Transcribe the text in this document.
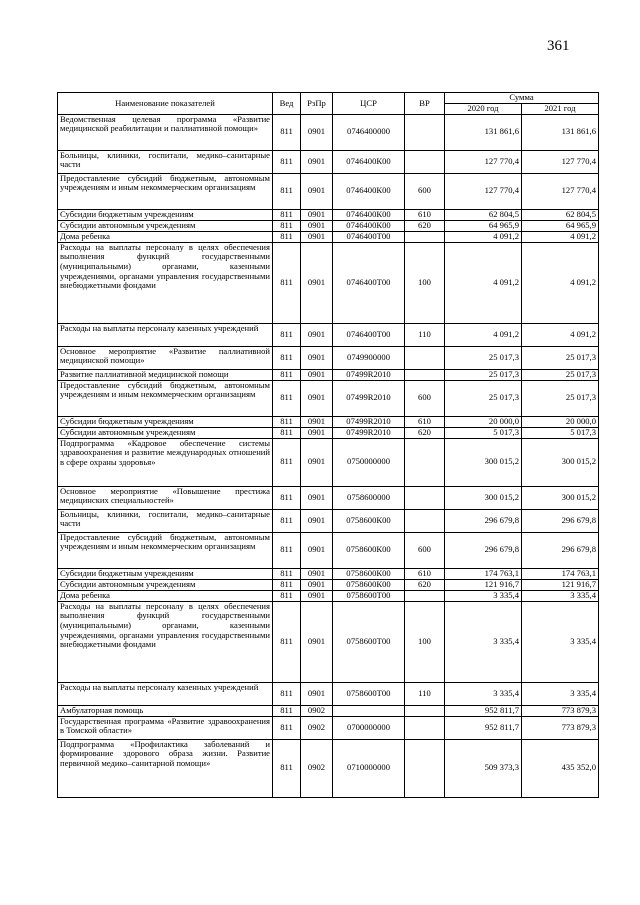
361
Наименование показателей	Вед	РзПр	ЦСР	ВР	Сумма	
					2020 год	2021 год
Ведомственная целевая программа «Развитие медицинской реабилитации и паллиативной помощи»	811	0901	0746400000		131 861,6	131 861,6
Больницы, клиники, госпитали, медико–санитарные части	811	0901	0746400К00		127 770,4	127 770,4
Предоставление субсидий бюджетным, автономным учреждениям и иным некоммерческим организациям	811	0901	0746400К00	600	127 770,4	127 770,4
Субсидии бюджетным учреждениям	811	0901	0746400К00	610	62 804,5	62 804,5
Субсидии автономным учреждениям	811	0901	0746400К00	620	64 965,9	64 965,9
Дома ребенка	811	0901	0746400Т00		4 091,2	4 091,2
Расходы на выплаты персоналу в целях обеспечения выполнения функций государственными (муниципальными) органами, казенными учреждениями, органами управления государственными внебюджетными фондами	811	0901	0746400Т00	100	4 091,2	4 091,2
Расходы на выплаты персоналу казенных учреждений	811	0901	0746400Т00	110	4 091,2	4 091,2
Основное мероприятие «Развитие паллиативной медицинской помощи»	811	0901	0749900000		25 017,3	25 017,3
Развитие паллиативной медицинской помощи	811	0901	07499R2010		25 017,3	25 017,3
Предоставление субсидий бюджетным, автономным учреждениям и иным некоммерческим организациям	811	0901	07499R2010	600	25 017,3	25 017,3
Субсидии бюджетным учреждениям	811	0901	07499R2010	610	20 000,0	20 000,0
Субсидии автономным учреждениям	811	0901	07499R2010	620	5 017,3	5 017,3
Подпрограмма «Кадровое обеспечение системы здравоохранения и развитие международных отношений в сфере охраны здоровья»	811	0901	0750000000		300 015,2	300 015,2
Основное мероприятие «Повышение престижа медицинских специальностей»	811	0901	0758600000		300 015,2	300 015,2
Больницы, клиники, госпитали, медико–санитарные части	811	0901	0758600К00		296 679,8	296 679,8
Предоставление субсидий бюджетным, автономным учреждениям и иным некоммерческим организациям	811	0901	0758600К00	600	296 679,8	296 679,8
Субсидии бюджетным учреждениям	811	0901	0758600К00	610	174 763,1	174 763,1
Субсидии автономным учреждениям	811	0901	0758600К00	620	121 916,7	121 916,7
Дома ребенка	811	0901	0758600Т00		3 335,4	3 335,4
Расходы на выплаты персоналу в целях обеспечения выполнения функций государственными (муниципальными) органами, казенными учреждениями, органами управления государственными внебюджетными фондами	811	0901	0758600Т00	100	3 335,4	3 335,4
Расходы на выплаты персоналу казенных учреждений	811	0901	0758600Т00	110	3 335,4	3 335,4
Амбулаторная помощь	811	0902			952 811,7	773 879,3
Государственная программа «Развитие здравоохранения в Томской области»	811	0902	0700000000		952 811,7	773 879,3
Подпрограмма «Профилактика заболеваний и формирование здорового образа жизни. Развитие первичной медико–санитарной помощи»	811	0902	0710000000		509 373,3	435 352,0
